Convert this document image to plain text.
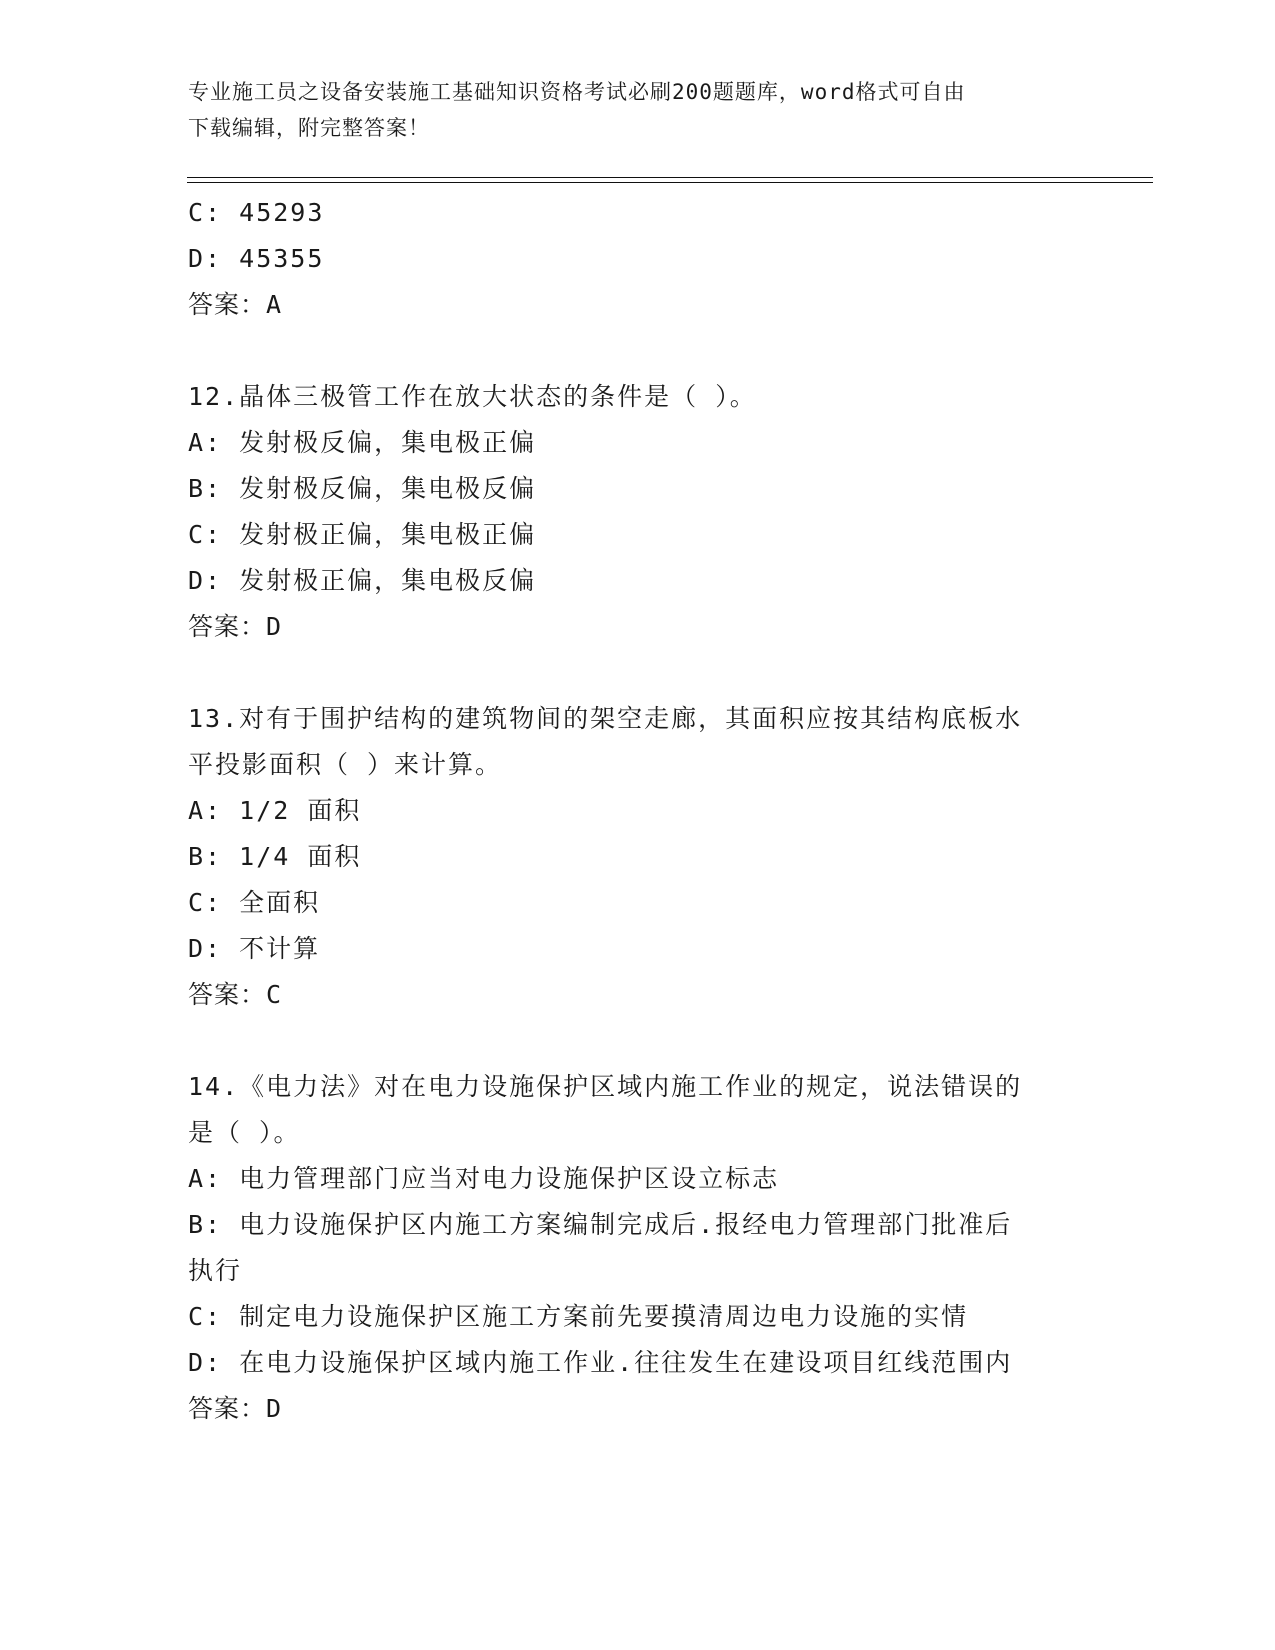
专业施工员之设备安装施工基础知识资格考试必刷200题题库，word格式可自由
下载编辑，附完整答案！
C: 45293
D: 45355
答案：A
12.晶体三极管工作在放大状态的条件是（ ）。
A: 发射极反偏，集电极正偏
B: 发射极反偏，集电极反偏
C: 发射极正偏，集电极正偏
D: 发射极正偏，集电极反偏
答案：D
13.对有于围护结构的建筑物间的架空走廊，其面积应按其结构底板水
平投影面积（ ）来计算。
A: 1/2 面积
B: 1/4 面积
C: 全面积
D: 不计算
答案：C
14.《电力法》对在电力设施保护区域内施工作业的规定，说法错误的
是（ ）。
A: 电力管理部门应当对电力设施保护区设立标志
B: 电力设施保护区内施工方案编制完成后.报经电力管理部门批准后
执行
C: 制定电力设施保护区施工方案前先要摸清周边电力设施的实情
D: 在电力设施保护区域内施工作业.往往发生在建设项目红线范围内
答案：D
